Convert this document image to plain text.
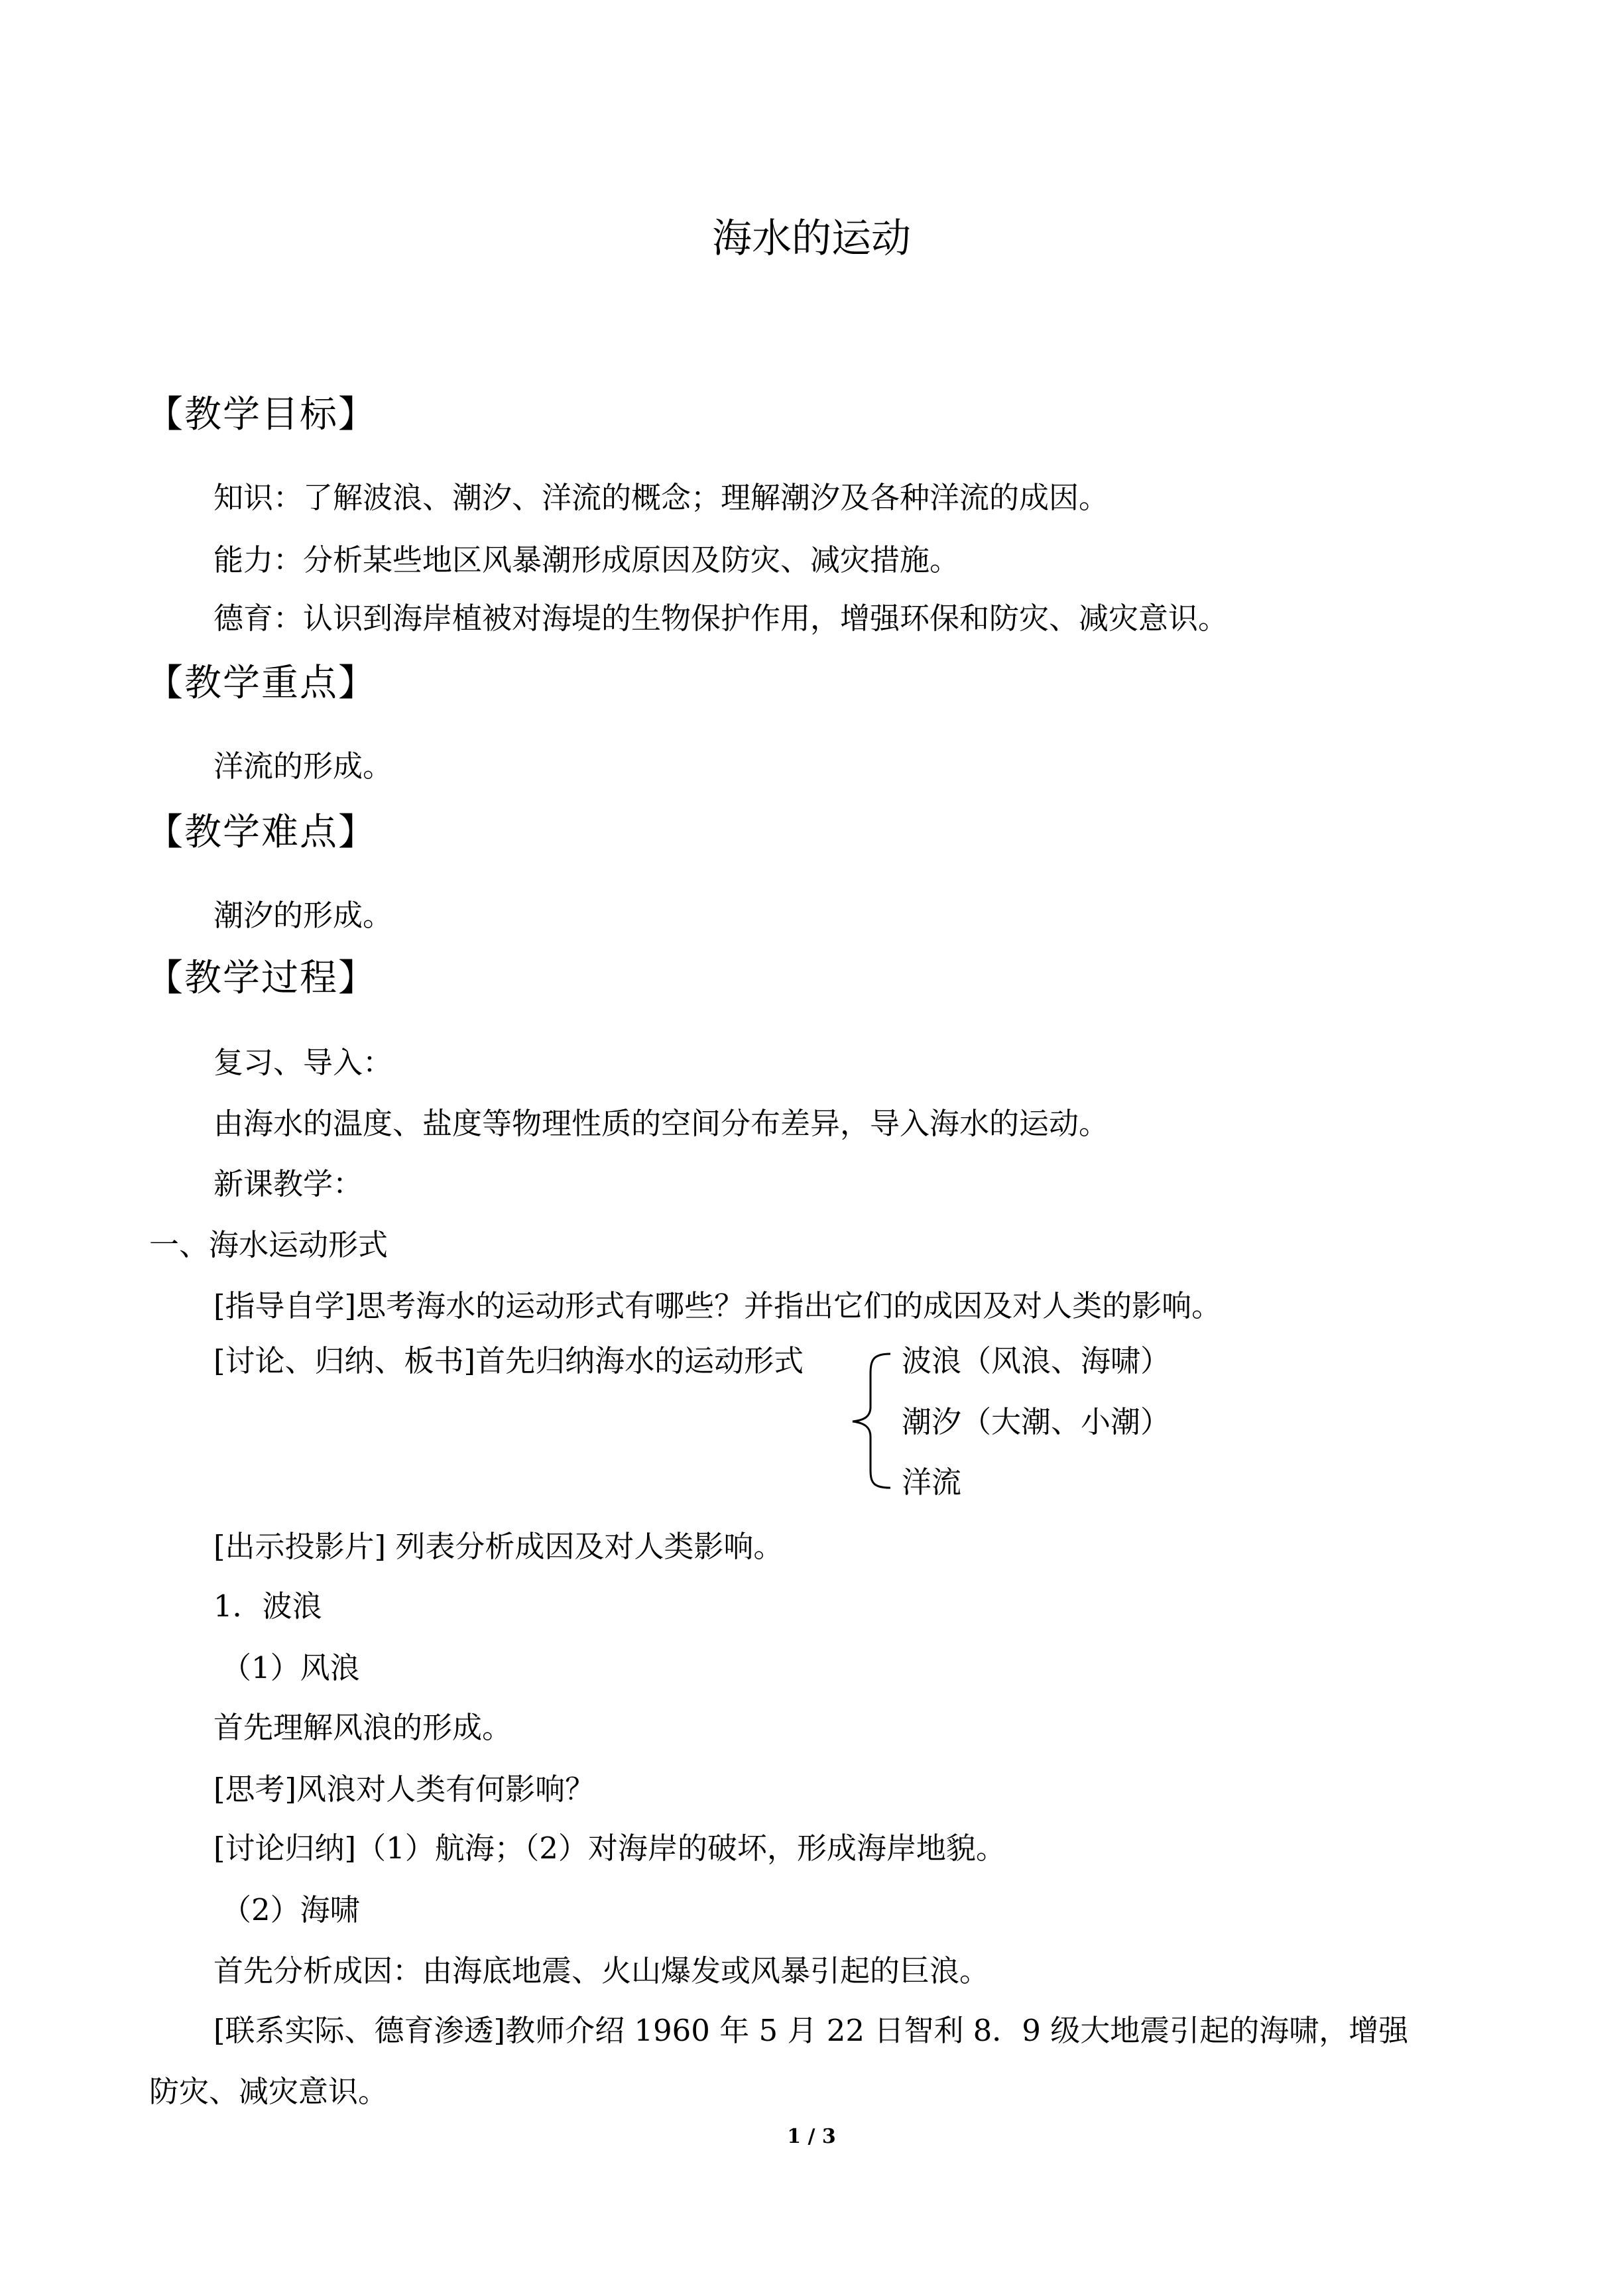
海水的运动
【教学目标】
知识：了解波浪、潮汐、洋流的概念；理解潮汐及各种洋流的成因。
能力：分析某些地区风暴潮形成原因及防灾、减灾措施。
德育：认识到海岸植被对海堤的生物保护作用，增强环保和防灾、减灾意识。
【教学重点】
洋流的形成。
【教学难点】
潮汐的形成。
【教学过程】
复习、导入：
由海水的温度、盐度等物理性质的空间分布差异，导入海水的运动。
新课教学：
一、海水运动形式
[指导自学]思考海水的运动形式有哪些？并指出它们的成因及对人类的影响。
[讨论、归纳、板书]首先归纳海水的运动形式	波浪（风浪、海啸）
潮汐（大潮、小潮）
洋流
[出示投影片] 列表分析成因及对人类影响。
1．波浪
（1）风浪
首先理解风浪的形成。
[思考]风浪对人类有何影响？
[讨论归纳]（1）航海；（2）对海岸的破坏，形成海岸地貌。
（2）海啸
首先分析成因：由海底地震、火山爆发或风暴引起的巨浪。
[联系实际、德育渗透]教师介绍 1960 年 5 月 22 日智利 8．9 级大地震引起的海啸，增强
防灾、减灾意识。
1 / 3
